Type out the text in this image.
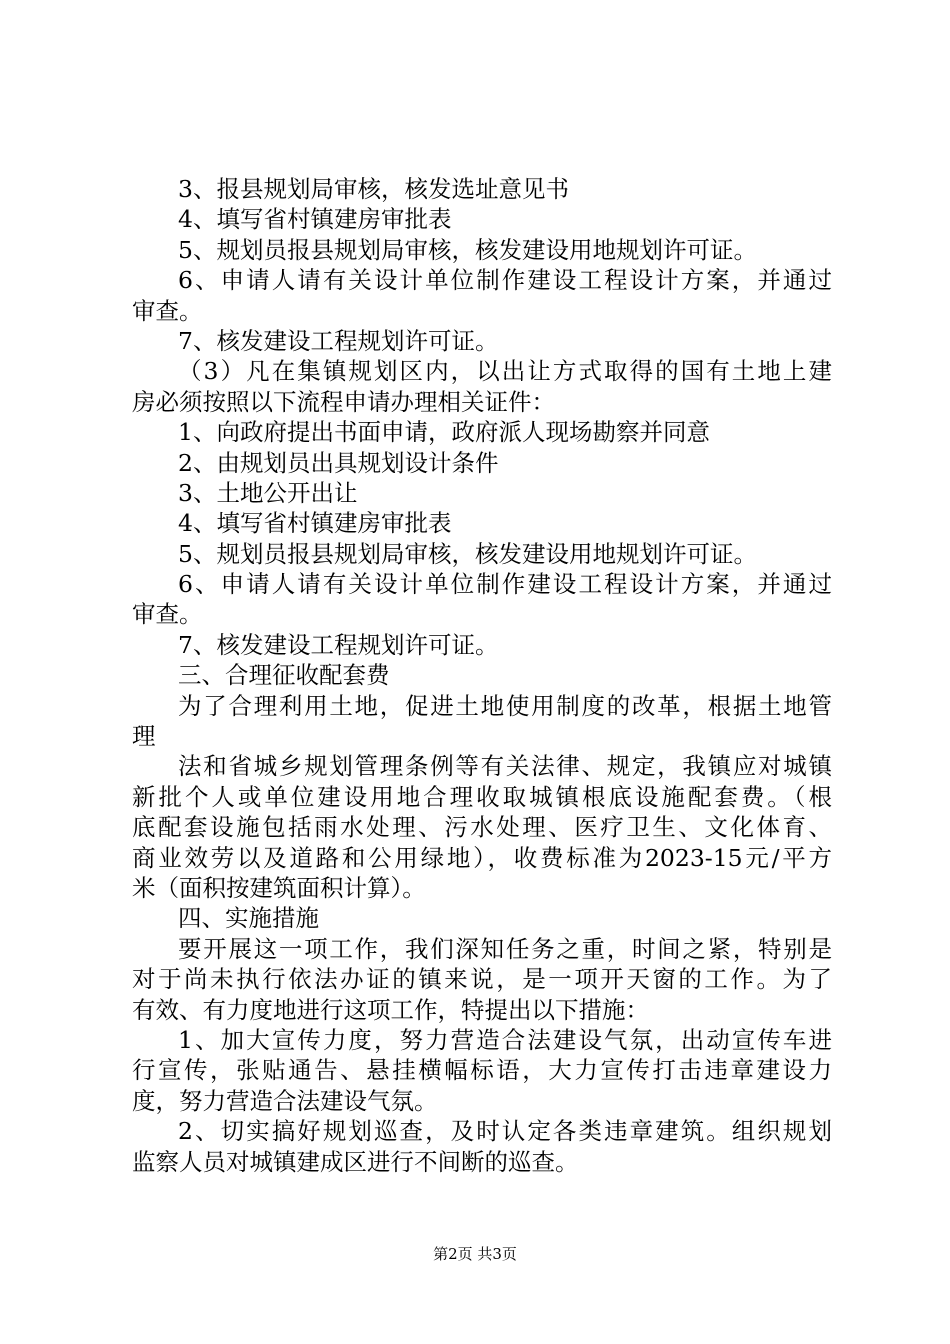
3、报县规划局审核，核发选址意见书
4、填写省村镇建房审批表
5、规划员报县规划局审核，核发建设用地规划许可证。
6、申请人请有关设计单位制作建设工程设计方案，并通过
审查。
7、核发建设工程规划许可证。
（3）凡在集镇规划区内，以出让方式取得的国有土地上建
房必须按照以下流程申请办理相关证件：
1、向政府提出书面申请，政府派人现场勘察并同意
2、由规划员出具规划设计条件
3、土地公开出让
4、填写省村镇建房审批表
5、规划员报县规划局审核，核发建设用地规划许可证。
6、申请人请有关设计单位制作建设工程设计方案，并通过
审查。
7、核发建设工程规划许可证。
三、合理征收配套费
为了合理利用土地，促进土地使用制度的改革，根据土地管
理
法和省城乡规划管理条例等有关法律、规定，我镇应对城镇
新批个人或单位建设用地合理收取城镇根底设施配套费。（根
底配套设施包括雨水处理、污水处理、医疗卫生、文化体育、
商业效劳以及道路和公用绿地），收费标准为2023-15元/平方
米（面积按建筑面积计算）。
四、实施措施
要开展这一项工作，我们深知任务之重，时间之紧，特别是
对于尚未执行依法办证的镇来说，是一项开天窗的工作。为了
有效、有力度地进行这项工作，特提出以下措施：
1、加大宣传力度，努力营造合法建设气氛，出动宣传车进
行宣传，张贴通告、悬挂横幅标语，大力宣传打击违章建设力
度，努力营造合法建设气氛。
2、切实搞好规划巡查，及时认定各类违章建筑。组织规划
监察人员对城镇建成区进行不间断的巡查。
第2页 共3页
